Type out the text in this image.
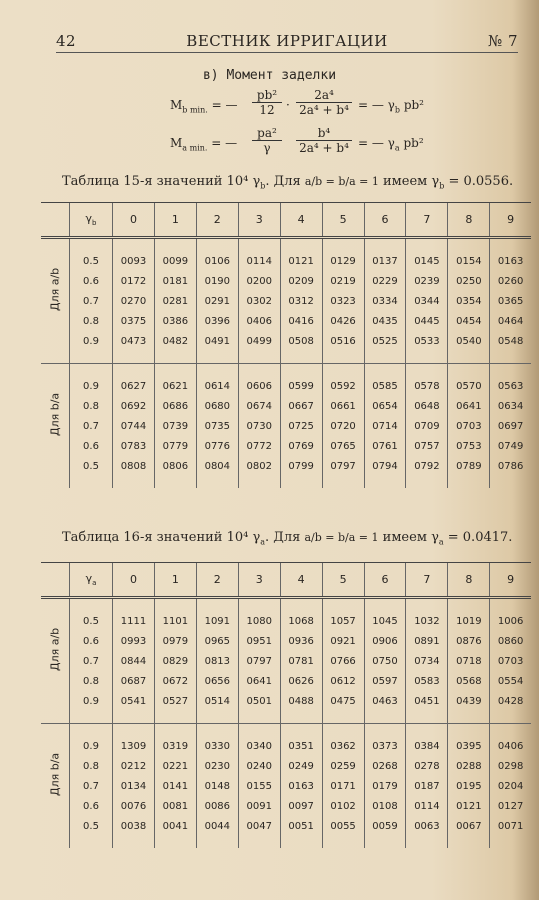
42	ВЕСТНИК ИРРИГАЦИИ	№ 7
в) Момент заделки
$M_{b min.}$ = —
pb²
12 ·
2a⁴
2a⁴ + b⁴ = — $\gamma_b$ pb²
$M_{a min.}$ = —
pa²
γ
b⁴
2a⁴ + b⁴ = — $\gamma_a$ pb²
Таблица 15-я значений 10⁴ $\gamma_b$. Для a/b = b/a = 1 имеем $\gamma_b = 0.0556$.
	$\gamma_b$	0	1	2	3	4	5	6	7	8	9

Для a/b											

	0.5	0093	0099	0106	0114	0121	0129	0137	0145	0154	0163
	0.6	0172	0181	0190	0200	0209	0219	0229	0239	0250	0260
	0.7	0270	0281	0291	0302	0312	0323	0334	0344	0354	0365
	0.8	0375	0386	0396	0406	0416	0426	0435	0445	0454	0464
	0.9	0473	0482	0491	0499	0508	0516	0525	0533	0540	0548

Для b/a											

	0.9	0627	0621	0614	0606	0599	0592	0585	0578	0570	0563
	0.8	0692	0686	0680	0674	0667	0661	0654	0648	0641	0634
	0.7	0744	0739	0735	0730	0725	0720	0714	0709	0703	0697
	0.6	0783	0779	0776	0772	0769	0765	0761	0757	0753	0749
	0.5	0808	0806	0804	0802	0799	0797	0794	0792	0789	0786

Таблица 16-я значений 10⁴ $\gamma_a$. Для a/b = b/a = 1 имеем $\gamma_a = 0.0417$.
	$\gamma_a$	0	1	2	3	4	5	6	7	8	9

Для a/b											

	0.5	1111	1101	1091	1080	1068	1057	1045	1032	1019	1006
	0.6	0993	0979	0965	0951	0936	0921	0906	0891	0876	0860
	0.7	0844	0829	0813	0797	0781	0766	0750	0734	0718	0703
	0.8	0687	0672	0656	0641	0626	0612	0597	0583	0568	0554
	0.9	0541	0527	0514	0501	0488	0475	0463	0451	0439	0428

Для b/a											

	0.9	1309	0319	0330	0340	0351	0362	0373	0384	0395	0406
	0.8	0212	0221	0230	0240	0249	0259	0268	0278	0288	0298
	0.7	0134	0141	0148	0155	0163	0171	0179	0187	0195	0204
	0.6	0076	0081	0086	0091	0097	0102	0108	0114	0121	0127
	0.5	0038	0041	0044	0047	0051	0055	0059	0063	0067	0071
